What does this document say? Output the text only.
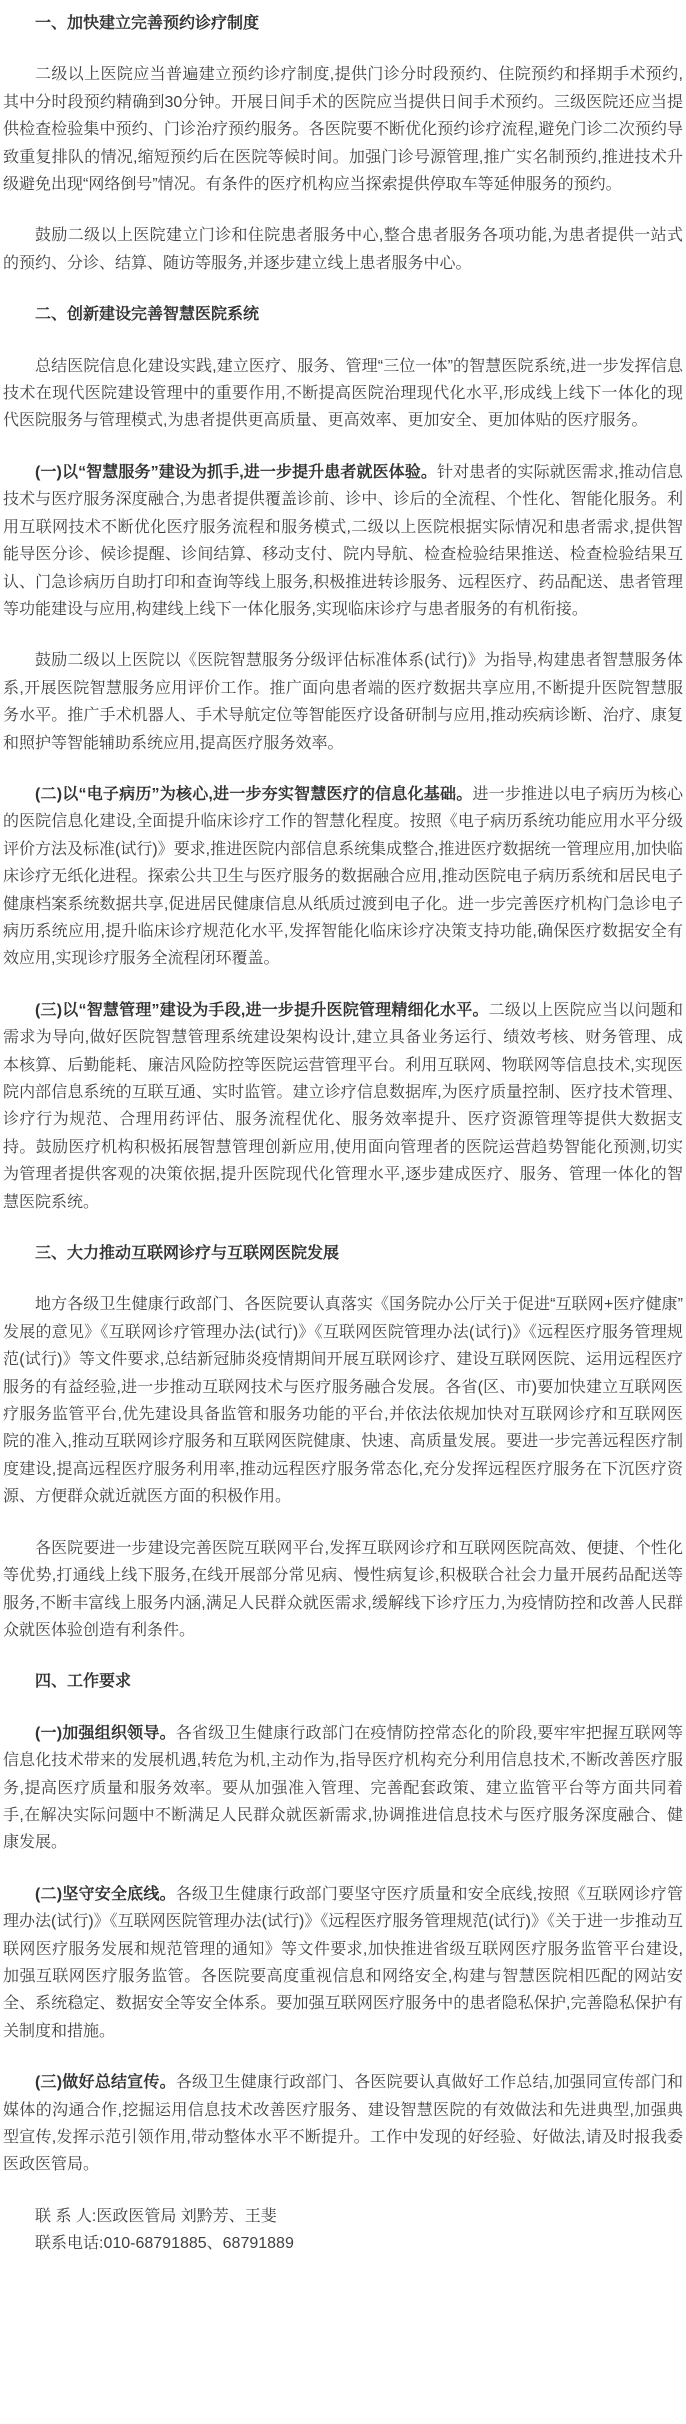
一、加快建立完善预约诊疗制度

二级以上医院应当普遍建立预约诊疗制度,提供门诊分时段预约、住院预约和择期手术预约,其中分时段预约精确到30分钟。开展日间手术的医院应当提供日间手术预约。三级医院还应当提供检查检验集中预约、门诊治疗预约服务。各医院要不断优化预约诊疗流程,避免门诊二次预约导致重复排队的情况,缩短预约后在医院等候时间。加强门诊号源管理,推广实名制预约,推进技术升级避免出现“网络倒号”情况。有条件的医疗机构应当探索提供停取车等延伸服务的预约。

鼓励二级以上医院建立门诊和住院患者服务中心,整合患者服务各项功能,为患者提供一站式的预约、分诊、结算、随访等服务,并逐步建立线上患者服务中心。

二、创新建设完善智慧医院系统

总结医院信息化建设实践,建立医疗、服务、管理“三位一体”的智慧医院系统,进一步发挥信息技术在现代医院建设管理中的重要作用,不断提高医院治理现代化水平,形成线上线下一体化的现代医院服务与管理模式,为患者提供更高质量、更高效率、更加安全、更加体贴的医疗服务。

(一)以“智慧服务”建设为抓手,进一步提升患者就医体验。针对患者的实际就医需求,推动信息技术与医疗服务深度融合,为患者提供覆盖诊前、诊中、诊后的全流程、个性化、智能化服务。利用互联网技术不断优化医疗服务流程和服务模式,二级以上医院根据实际情况和患者需求,提供智能导医分诊、候诊提醒、诊间结算、移动支付、院内导航、检查检验结果推送、检查检验结果互认、门急诊病历自助打印和查询等线上服务,积极推进转诊服务、远程医疗、药品配送、患者管理等功能建设与应用,构建线上线下一体化服务,实现临床诊疗与患者服务的有机衔接。

鼓励二级以上医院以《医院智慧服务分级评估标准体系(试行)》为指导,构建患者智慧服务体系,开展医院智慧服务应用评价工作。推广面向患者端的医疗数据共享应用,不断提升医院智慧服务水平。推广手术机器人、手术导航定位等智能医疗设备研制与应用,推动疾病诊断、治疗、康复和照护等智能辅助系统应用,提高医疗服务效率。

(二)以“电子病历”为核心,进一步夯实智慧医疗的信息化基础。进一步推进以电子病历为核心的医院信息化建设,全面提升临床诊疗工作的智慧化程度。按照《电子病历系统功能应用水平分级评价方法及标准(试行)》要求,推进医院内部信息系统集成整合,推进医疗数据统一管理应用,加快临床诊疗无纸化进程。探索公共卫生与医疗服务的数据融合应用,推动医院电子病历系统和居民电子健康档案系统数据共享,促进居民健康信息从纸质过渡到电子化。进一步完善医疗机构门急诊电子病历系统应用,提升临床诊疗规范化水平,发挥智能化临床诊疗决策支持功能,确保医疗数据安全有效应用,实现诊疗服务全流程闭环覆盖。

(三)以“智慧管理”建设为手段,进一步提升医院管理精细化水平。二级以上医院应当以问题和需求为导向,做好医院智慧管理系统建设架构设计,建立具备业务运行、绩效考核、财务管理、成本核算、后勤能耗、廉洁风险防控等医院运营管理平台。利用互联网、物联网等信息技术,实现医院内部信息系统的互联互通、实时监管。建立诊疗信息数据库,为医疗质量控制、医疗技术管理、诊疗行为规范、合理用药评估、服务流程优化、服务效率提升、医疗资源管理等提供大数据支持。鼓励医疗机构积极拓展智慧管理创新应用,使用面向管理者的医院运营趋势智能化预测,切实为管理者提供客观的决策依据,提升医院现代化管理水平,逐步建成医疗、服务、管理一体化的智慧医院系统。

三、大力推动互联网诊疗与互联网医院发展

地方各级卫生健康行政部门、各医院要认真落实《国务院办公厅关于促进“互联网+医疗健康”发展的意见》《互联网诊疗管理办法(试行)》《互联网医院管理办法(试行)》《远程医疗服务管理规范(试行)》等文件要求,总结新冠肺炎疫情期间开展互联网诊疗、建设互联网医院、运用远程医疗服务的有益经验,进一步推动互联网技术与医疗服务融合发展。各省(区、市)要加快建立互联网医疗服务监管平台,优先建设具备监管和服务功能的平台,并依法依规加快对互联网诊疗和互联网医院的准入,推动互联网诊疗服务和互联网医院健康、快速、高质量发展。要进一步完善远程医疗制度建设,提高远程医疗服务利用率,推动远程医疗服务常态化,充分发挥远程医疗服务在下沉医疗资源、方便群众就近就医方面的积极作用。

各医院要进一步建设完善医院互联网平台,发挥互联网诊疗和互联网医院高效、便捷、个性化等优势,打通线上线下服务,在线开展部分常见病、慢性病复诊,积极联合社会力量开展药品配送等服务,不断丰富线上服务内涵,满足人民群众就医需求,缓解线下诊疗压力,为疫情防控和改善人民群众就医体验创造有利条件。

四、工作要求

(一)加强组织领导。各省级卫生健康行政部门在疫情防控常态化的阶段,要牢牢把握互联网等信息化技术带来的发展机遇,转危为机,主动作为,指导医疗机构充分利用信息技术,不断改善医疗服务,提高医疗质量和服务效率。要从加强准入管理、完善配套政策、建立监管平台等方面共同着手,在解决实际问题中不断满足人民群众就医新需求,协调推进信息技术与医疗服务深度融合、健康发展。

(二)坚守安全底线。各级卫生健康行政部门要坚守医疗质量和安全底线,按照《互联网诊疗管理办法(试行)》《互联网医院管理办法(试行)》《远程医疗服务管理规范(试行)》《关于进一步推动互联网医疗服务发展和规范管理的通知》等文件要求,加快推进省级互联网医疗服务监管平台建设,加强互联网医疗服务监管。各医院要高度重视信息和网络安全,构建与智慧医院相匹配的网站安全、系统稳定、数据安全等安全体系。要加强互联网医疗服务中的患者隐私保护,完善隐私保护有关制度和措施。

(三)做好总结宣传。各级卫生健康行政部门、各医院要认真做好工作总结,加强同宣传部门和媒体的沟通合作,挖掘运用信息技术改善医疗服务、建设智慧医院的有效做法和先进典型,加强典型宣传,发挥示范引领作用,带动整体水平不断提升。工作中发现的好经验、好做法,请及时报我委医政医管局。

联 系 人:医政医管局 刘黔芳、王斐

联系电话:010-68791885、68791889
